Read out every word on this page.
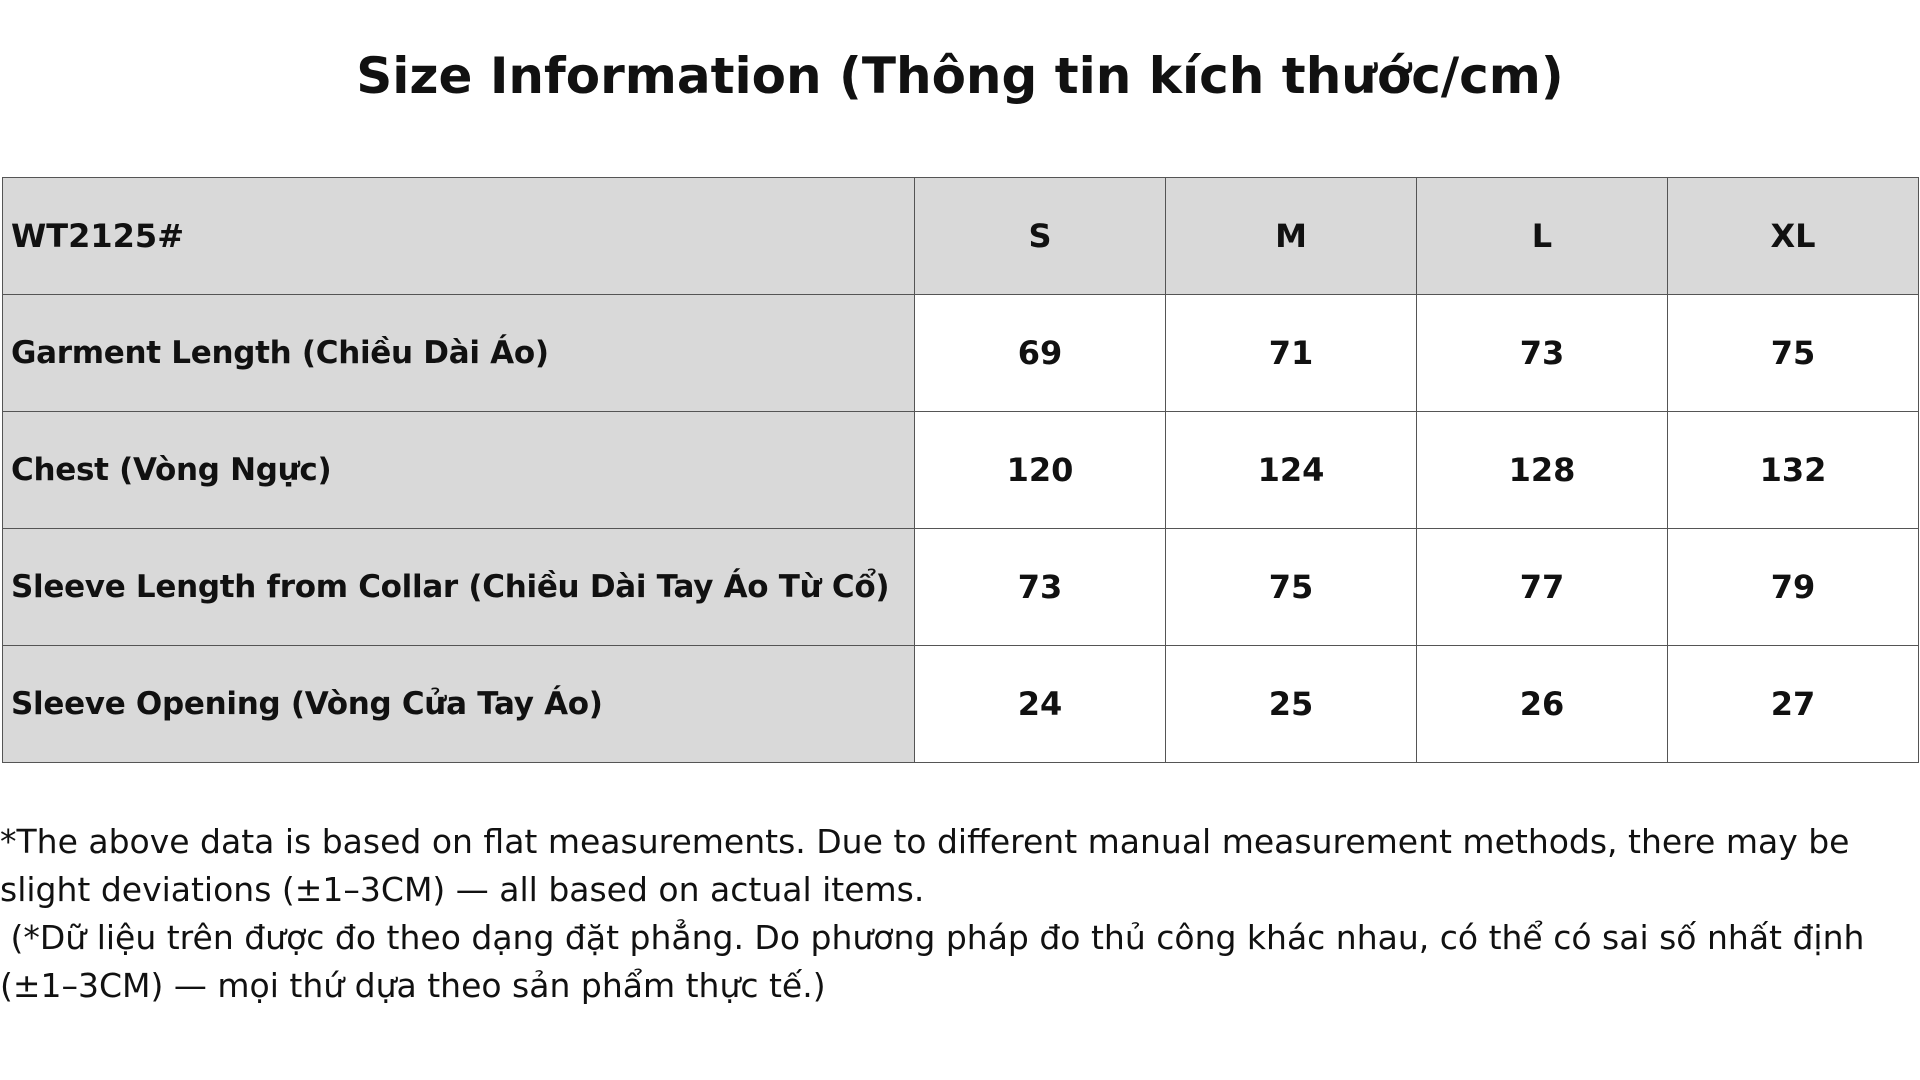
Size Information (Thông tin kích thước/cm)
WT2125#	S	M	L	XL
Garment Length (Chiều Dài Áo)	69	71	73	75
Chest (Vòng Ngực)	120	124	128	132
Sleeve Length from Collar (Chiều Dài Tay Áo Từ Cổ)	73	75	77	79
Sleeve Opening (Vòng Cửa Tay Áo)	24	25	26	27

*The above data is based on flat measurements. Due to different manual measurement methods, there may be slight deviations (±1–3CM) — all based on actual items.

(*Dữ liệu trên được đo theo dạng đặt phẳng. Do phương pháp đo thủ công khác nhau, có thể có sai số nhất định (±1–3CM) — mọi thứ dựa theo sản phẩm thực tế.)
